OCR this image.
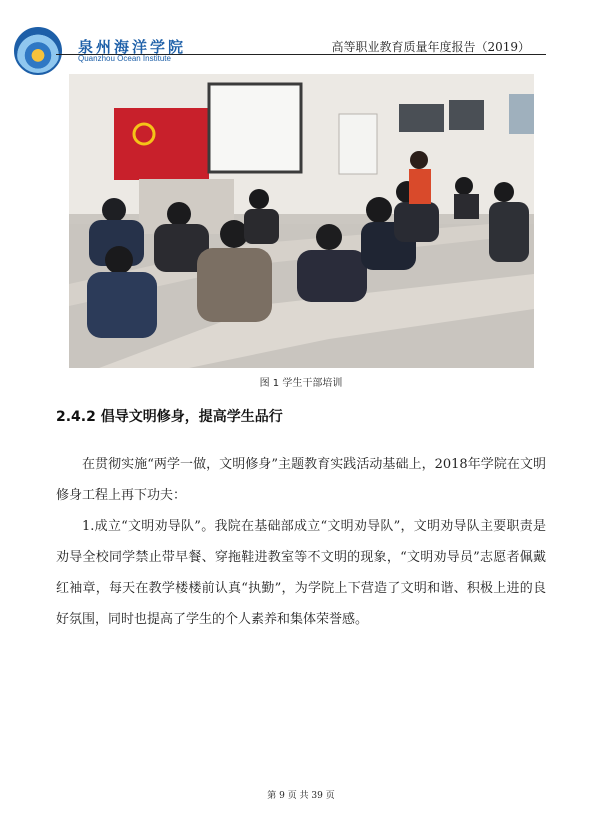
泉州海洋学院
Quanzhou Ocean Institute
高等职业教育质量年度报告（2019）
图 1 学生干部培训
2.4.2 倡导文明修身，提高学生品行

在贯彻实施“两学一做，文明修身”主题教育实践活动基础上，2018年学院在文明修身工程上再下功夫：

1.成立“文明劝导队”。我院在基础部成立“文明劝导队”，文明劝导队主要职责是劝导全校同学禁止带早餐、穿拖鞋进教室等不文明的现象，“文明劝导员”志愿者佩戴红袖章，每天在教学楼楼前认真“执勤”，为学院上下营造了文明和谐、积极上进的良好氛围，同时也提高了学生的个人素养和集体荣誉感。

第 9 页 共 39 页
